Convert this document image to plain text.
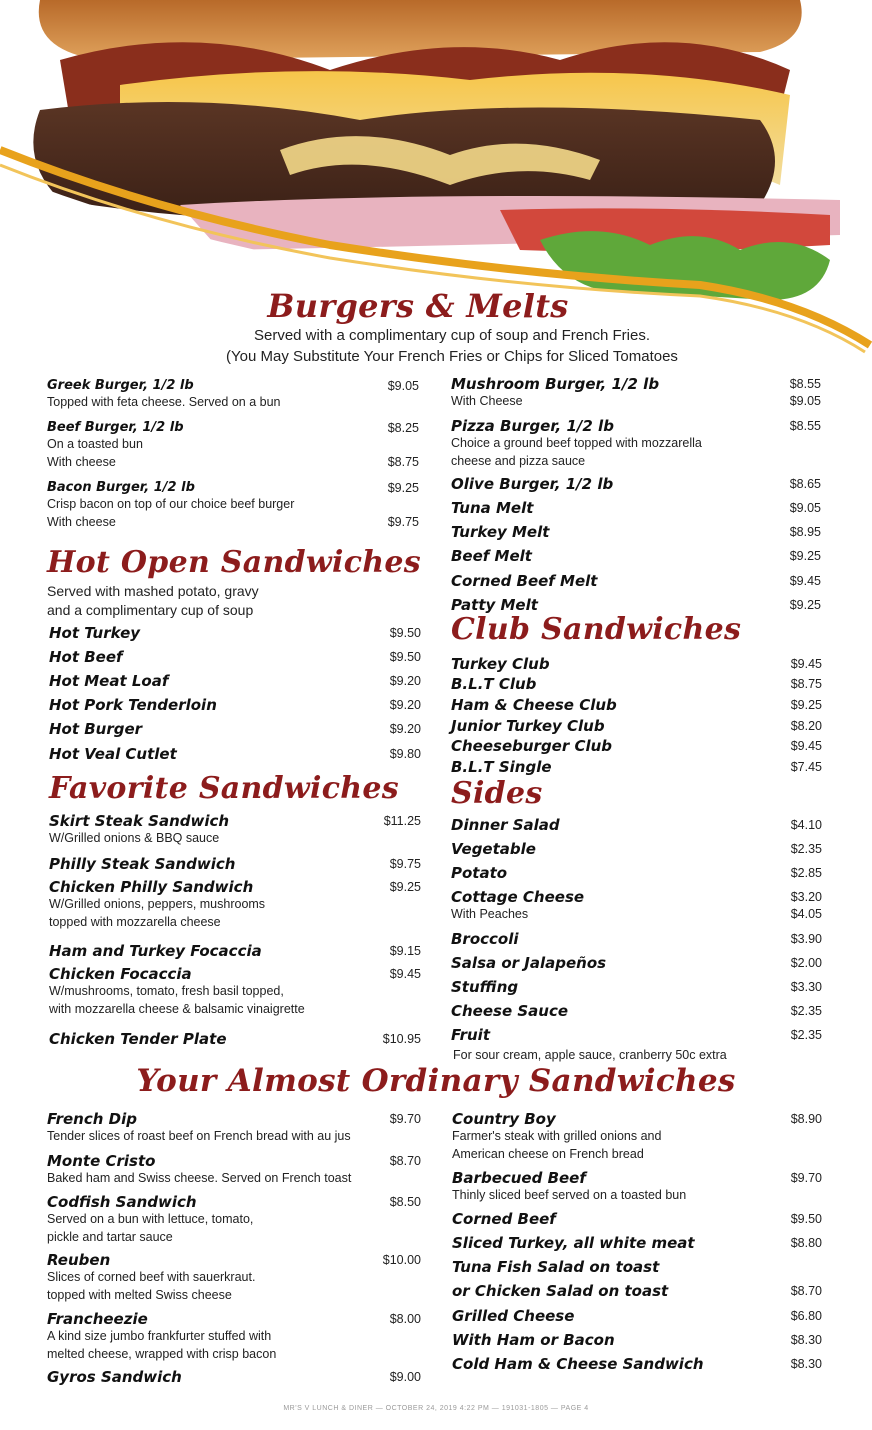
Burgers & Melts
Served with a complimentary cup of soup and French Fries.
(You May Substitute Your French Fries or Chips for Sliced Tomatoes
Greek Burger, 1/2 lb	$9.05
Topped with feta cheese. Served on a bun
Beef Burger, 1/2 lb	$8.25
On a toasted bun
With cheese	$8.75
Bacon Burger, 1/2 lb	$9.25
Crisp bacon on top of our choice beef burger
With cheese	$9.75
Mushroom Burger, 1/2 lb	$8.55
With Cheese	$9.05
Pizza Burger, 1/2 lb	$8.55
Choice a ground beef topped with mozzarella
cheese and pizza sauce
Olive Burger, 1/2 lb	$8.65
Tuna Melt	$9.05
Turkey Melt	$8.95
Beef Melt	$9.25
Corned Beef Melt	$9.45
Patty Melt	$9.25
Hot Open Sandwiches
Served with mashed potato, gravy
and a complimentary cup of soup
Hot Turkey	$9.50
Hot Beef	$9.50
Hot Meat Loaf	$9.20
Hot Pork Tenderloin	$9.20
Hot Burger	$9.20
Hot Veal Cutlet	$9.80
Favorite Sandwiches
Skirt Steak Sandwich	$11.25
W/Grilled onions & BBQ sauce
Philly Steak Sandwich	$9.75
Chicken Philly Sandwich	$9.25
W/Grilled onions, peppers, mushrooms
topped with mozzarella cheese
Ham and Turkey Focaccia	$9.15
Chicken Focaccia	$9.45
W/mushrooms, tomato, fresh basil topped,
with mozzarella cheese & balsamic vinaigrette
Chicken Tender Plate	$10.95
Club Sandwiches
Turkey Club	$9.45
B.L.T Club	$8.75
Ham & Cheese Club	$9.25
Junior Turkey Club	$8.20
Cheeseburger Club	$9.45
B.L.T Single	$7.45
Sides
Dinner Salad	$4.10
Vegetable	$2.35
Potato	$2.85
Cottage Cheese	$3.20
With Peaches	$4.05
Broccoli	$3.90
Salsa or Jalapeños	$2.00
Stuffing	$3.30
Cheese Sauce	$2.35
Fruit	$2.35
For sour cream, apple sauce, cranberry 50c extra
Your Almost Ordinary Sandwiches
French Dip	$9.70
Tender slices of roast beef on French bread with au jus
Monte Cristo	$8.70
Baked ham and Swiss cheese. Served on French toast
Codfish Sandwich	$8.50
Served on a bun with lettuce, tomato,
pickle and tartar sauce
Reuben	$10.00
Slices of corned beef with sauerkraut.
topped with melted Swiss cheese
Francheezie	$8.00
A kind size jumbo frankfurter stuffed with
melted cheese, wrapped with crisp bacon
Gyros Sandwich	$9.00
Country Boy	$8.90
Farmer's steak with grilled onions and
American cheese on French bread
Barbecued Beef	$9.70
Thinly sliced beef served on a toasted bun
Corned Beef	$9.50
Sliced Turkey, all white meat	$8.80
Tuna Fish Salad on toast
or Chicken Salad on toast	$8.70
Grilled Cheese	$6.80
With Ham or Bacon	$8.30
Cold Ham & Cheese Sandwich	$8.30
MR'S V LUNCH & DINER — OCTOBER 24, 2019 4:22 PM — 191031-1805 — PAGE 4
